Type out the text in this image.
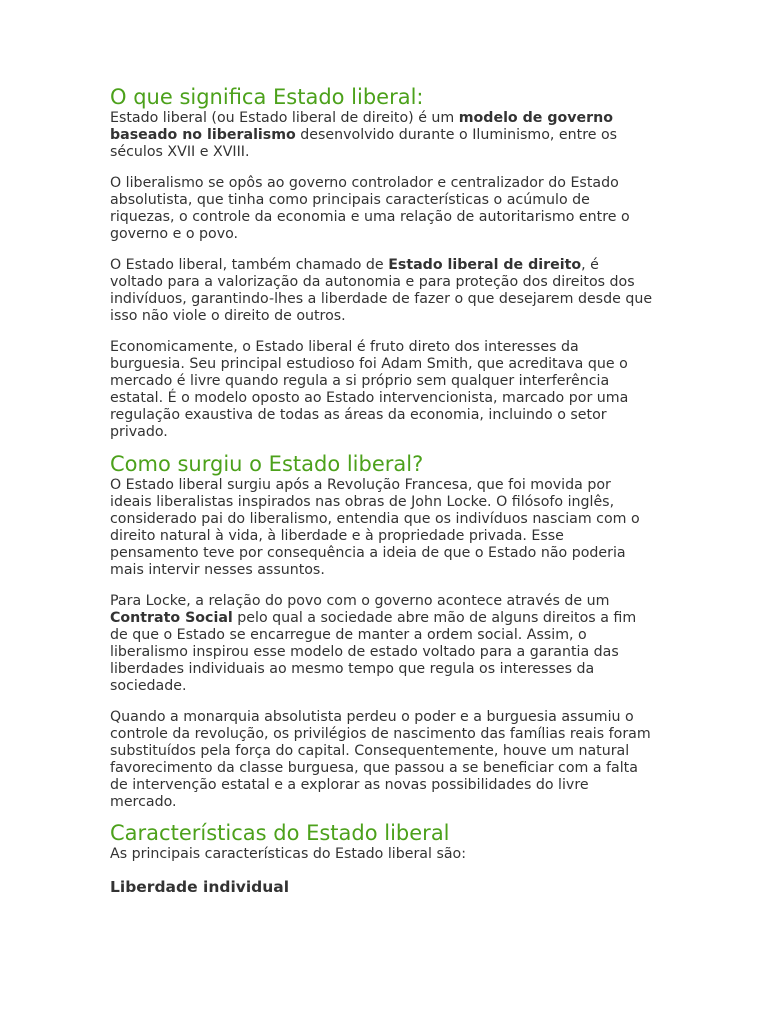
O que significa Estado liberal:

Estado liberal (ou Estado liberal de direito) é um modelo de governo baseado no liberalismo desenvolvido durante o Iluminismo, entre os séculos XVII e XVIII.

O liberalismo se opôs ao governo controlador e centralizador do Estado absolutista, que tinha como principais características o acúmulo de riquezas, o controle da economia e uma relação de autoritarismo entre o governo e o povo.

O Estado liberal, também chamado de Estado liberal de direito, é voltado para a valorização da autonomia e para proteção dos direitos dos indivíduos, garantindo-lhes a liberdade de fazer o que desejarem desde que isso não viole o direito de outros.

Economicamente, o Estado liberal é fruto direto dos interesses da burguesia. Seu principal estudioso foi Adam Smith, que acreditava que o mercado é livre quando regula a si próprio sem qualquer interferência estatal. É o modelo oposto ao Estado intervencionista, marcado por uma regulação exaustiva de todas as áreas da economia, incluindo o setor privado.

Como surgiu o Estado liberal?

O Estado liberal surgiu após a Revolução Francesa, que foi movida por ideais liberalistas inspirados nas obras de John Locke. O filósofo inglês, considerado pai do liberalismo, entendia que os indivíduos nasciam com o direito natural à vida, à liberdade e à propriedade privada. Esse pensamento teve por consequência a ideia de que o Estado não poderia mais intervir nesses assuntos.

Para Locke, a relação do povo com o governo acontece através de um Contrato Social pelo qual a sociedade abre mão de alguns direitos a fim de que o Estado se encarregue de manter a ordem social. Assim, o liberalismo inspirou esse modelo de estado voltado para a garantia das liberdades individuais ao mesmo tempo que regula os interesses da sociedade.

Quando a monarquia absolutista perdeu o poder e a burguesia assumiu o controle da revolução, os privilégios de nascimento das famílias reais foram substituídos pela força do capital. Consequentemente, houve um natural favorecimento da classe burguesa, que passou a se beneficiar com a falta de intervenção estatal e a explorar as novas possibilidades do livre mercado.

Características do Estado liberal

As principais características do Estado liberal são:

Liberdade individual
